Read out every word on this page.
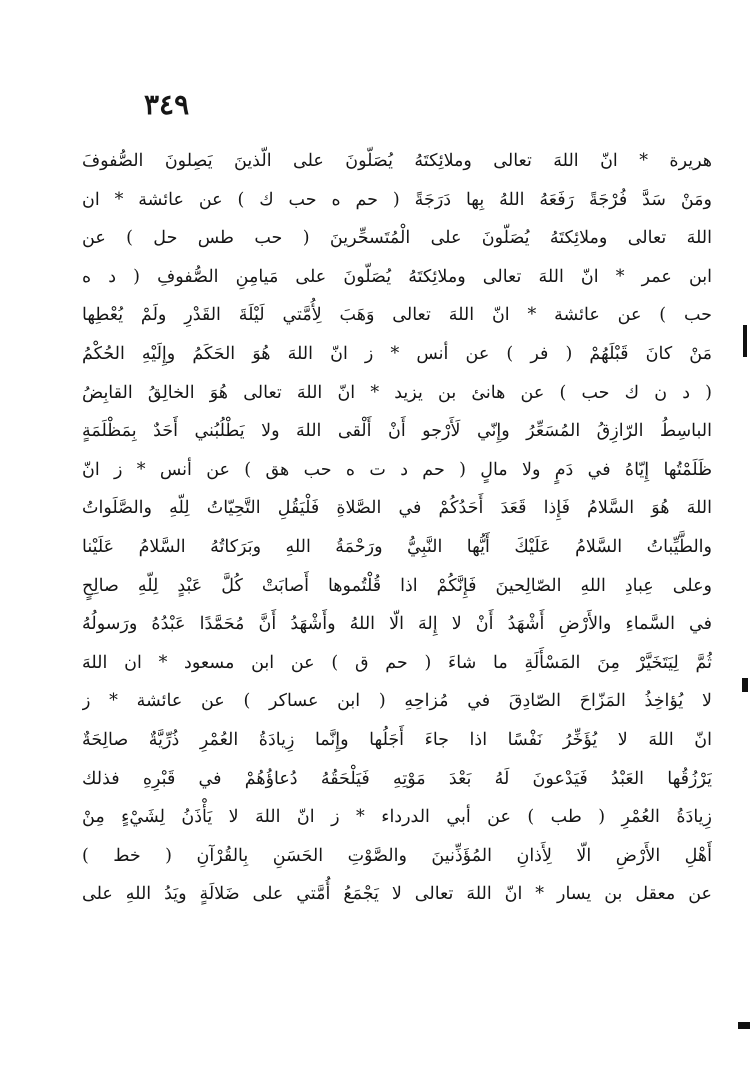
٣٤٩
هريرة * انّ اللهَ تعالى وملائِكتَهُ يُصَلّونَ على الّذينَ يَصِلونَ الصُّفوفَ
ومَنْ سَدَّ فُرْجَةً رَفَعَهُ اللهُ بِها دَرَجَةً ( حم ه حب ك ) عن عائشة * ان
اللهَ تعالى وملائِكتَهُ يُصَلّونَ على الْمُتَسحِّرينَ ( حب طس حل ) عن
ابن عمر * انّ اللهَ تعالى وملائِكتَهُ يُصَلّونَ على مَيامِنِ الصُّفوفِ ( د ه
حب ) عن عائشة * انّ اللهَ تعالى وَهَبَ لِأُمَّتي لَيْلَةَ القَدْرِ ولَمْ يُعْطِها
مَنْ كانَ قَبْلَهُمْ ( فر ) عن أنس * ز انّ اللهَ هُوَ الحَكَمُ وإِلَيْهِ الحُكْمُ
( د ن ك حب ) عن هانئ بن يزيد * انّ اللهَ تعالى هُوَ الخالِقُ القابِضُ
الباسِطُ الرّازِقُ المُسَعِّرُ وإِنّي لَأَرْجو أَنْ أَلْقى اللهَ ولا يَطْلُبُني أَحَدٌ بِمَظْلَمَةٍ
ظَلَمْتُها إِيّاهُ في دَمٍ ولا مالٍ ( حم د ت ه حب هق ) عن أنس * ز انّ
اللهَ هُوَ السَّلامُ فَإِذا قَعَدَ أَحَدُكُمْ في الصَّلاةِ فَلْيَقُلِ التَّحِيّاتُ لِلّهِ والصَّلَواتُ
والطَّيِّباتُ السَّلامُ عَلَيْكَ أَيُّها النَّبِيُّ ورَحْمَةُ اللهِ وبَرَكاتُهُ السَّلامُ عَلَيْنا
وعلى عِبادِ اللهِ الصّالِحينَ فَإِنَّكُمْ اذا قُلْتُموها أَصابَتْ كُلَّ عَبْدٍ لِلّهِ صالِحٍ
في السَّماءِ والأَرْضِ أَشْهَدُ أَنْ لا إِلهَ الّا اللهُ وأَشْهَدُ أَنَّ مُحَمَّدًا عَبْدُهُ ورَسولُهُ
ثُمَّ لِيَتَخَيَّرْ مِنَ المَسْأَلَةِ ما شاءَ ( حم ق ) عن ابن مسعود * ان اللهَ
لا يُؤاخِذُ المَزّاحَ الصّادِقَ في مُزاحِهِ ( ابن عساكر ) عن عائشة * ز
انّ اللهَ لا يُؤَخِّرُ نَفْسًا اذا جاءَ أَجَلُها وإِنَّما زِيادَةُ العُمْرِ ذُرِّيَّةٌ صالِحَةٌ
يَرْزُقُها العَبْدُ فَيَدْعونَ لَهُ بَعْدَ مَوْتِهِ فَيَلْحَقُهُ دُعاؤُهُمْ في قَبْرِهِ فذلك
زِيادَةُ العُمْرِ ( طب ) عن أبي الدرداء * ز انّ اللهَ لا يَأْذَنُ لِشَيْءٍ مِنْ
أَهْلِ الأَرْضِ الّا لِأَذانِ المُؤَذِّنينَ والصَّوْتِ الحَسَنِ بِالقُرْآنِ ( خط )
عن معقل بن يسار * انّ اللهَ تعالى لا يَجْمَعُ أُمَّتي على ضَلالَةٍ ويَدُ اللهِ على
